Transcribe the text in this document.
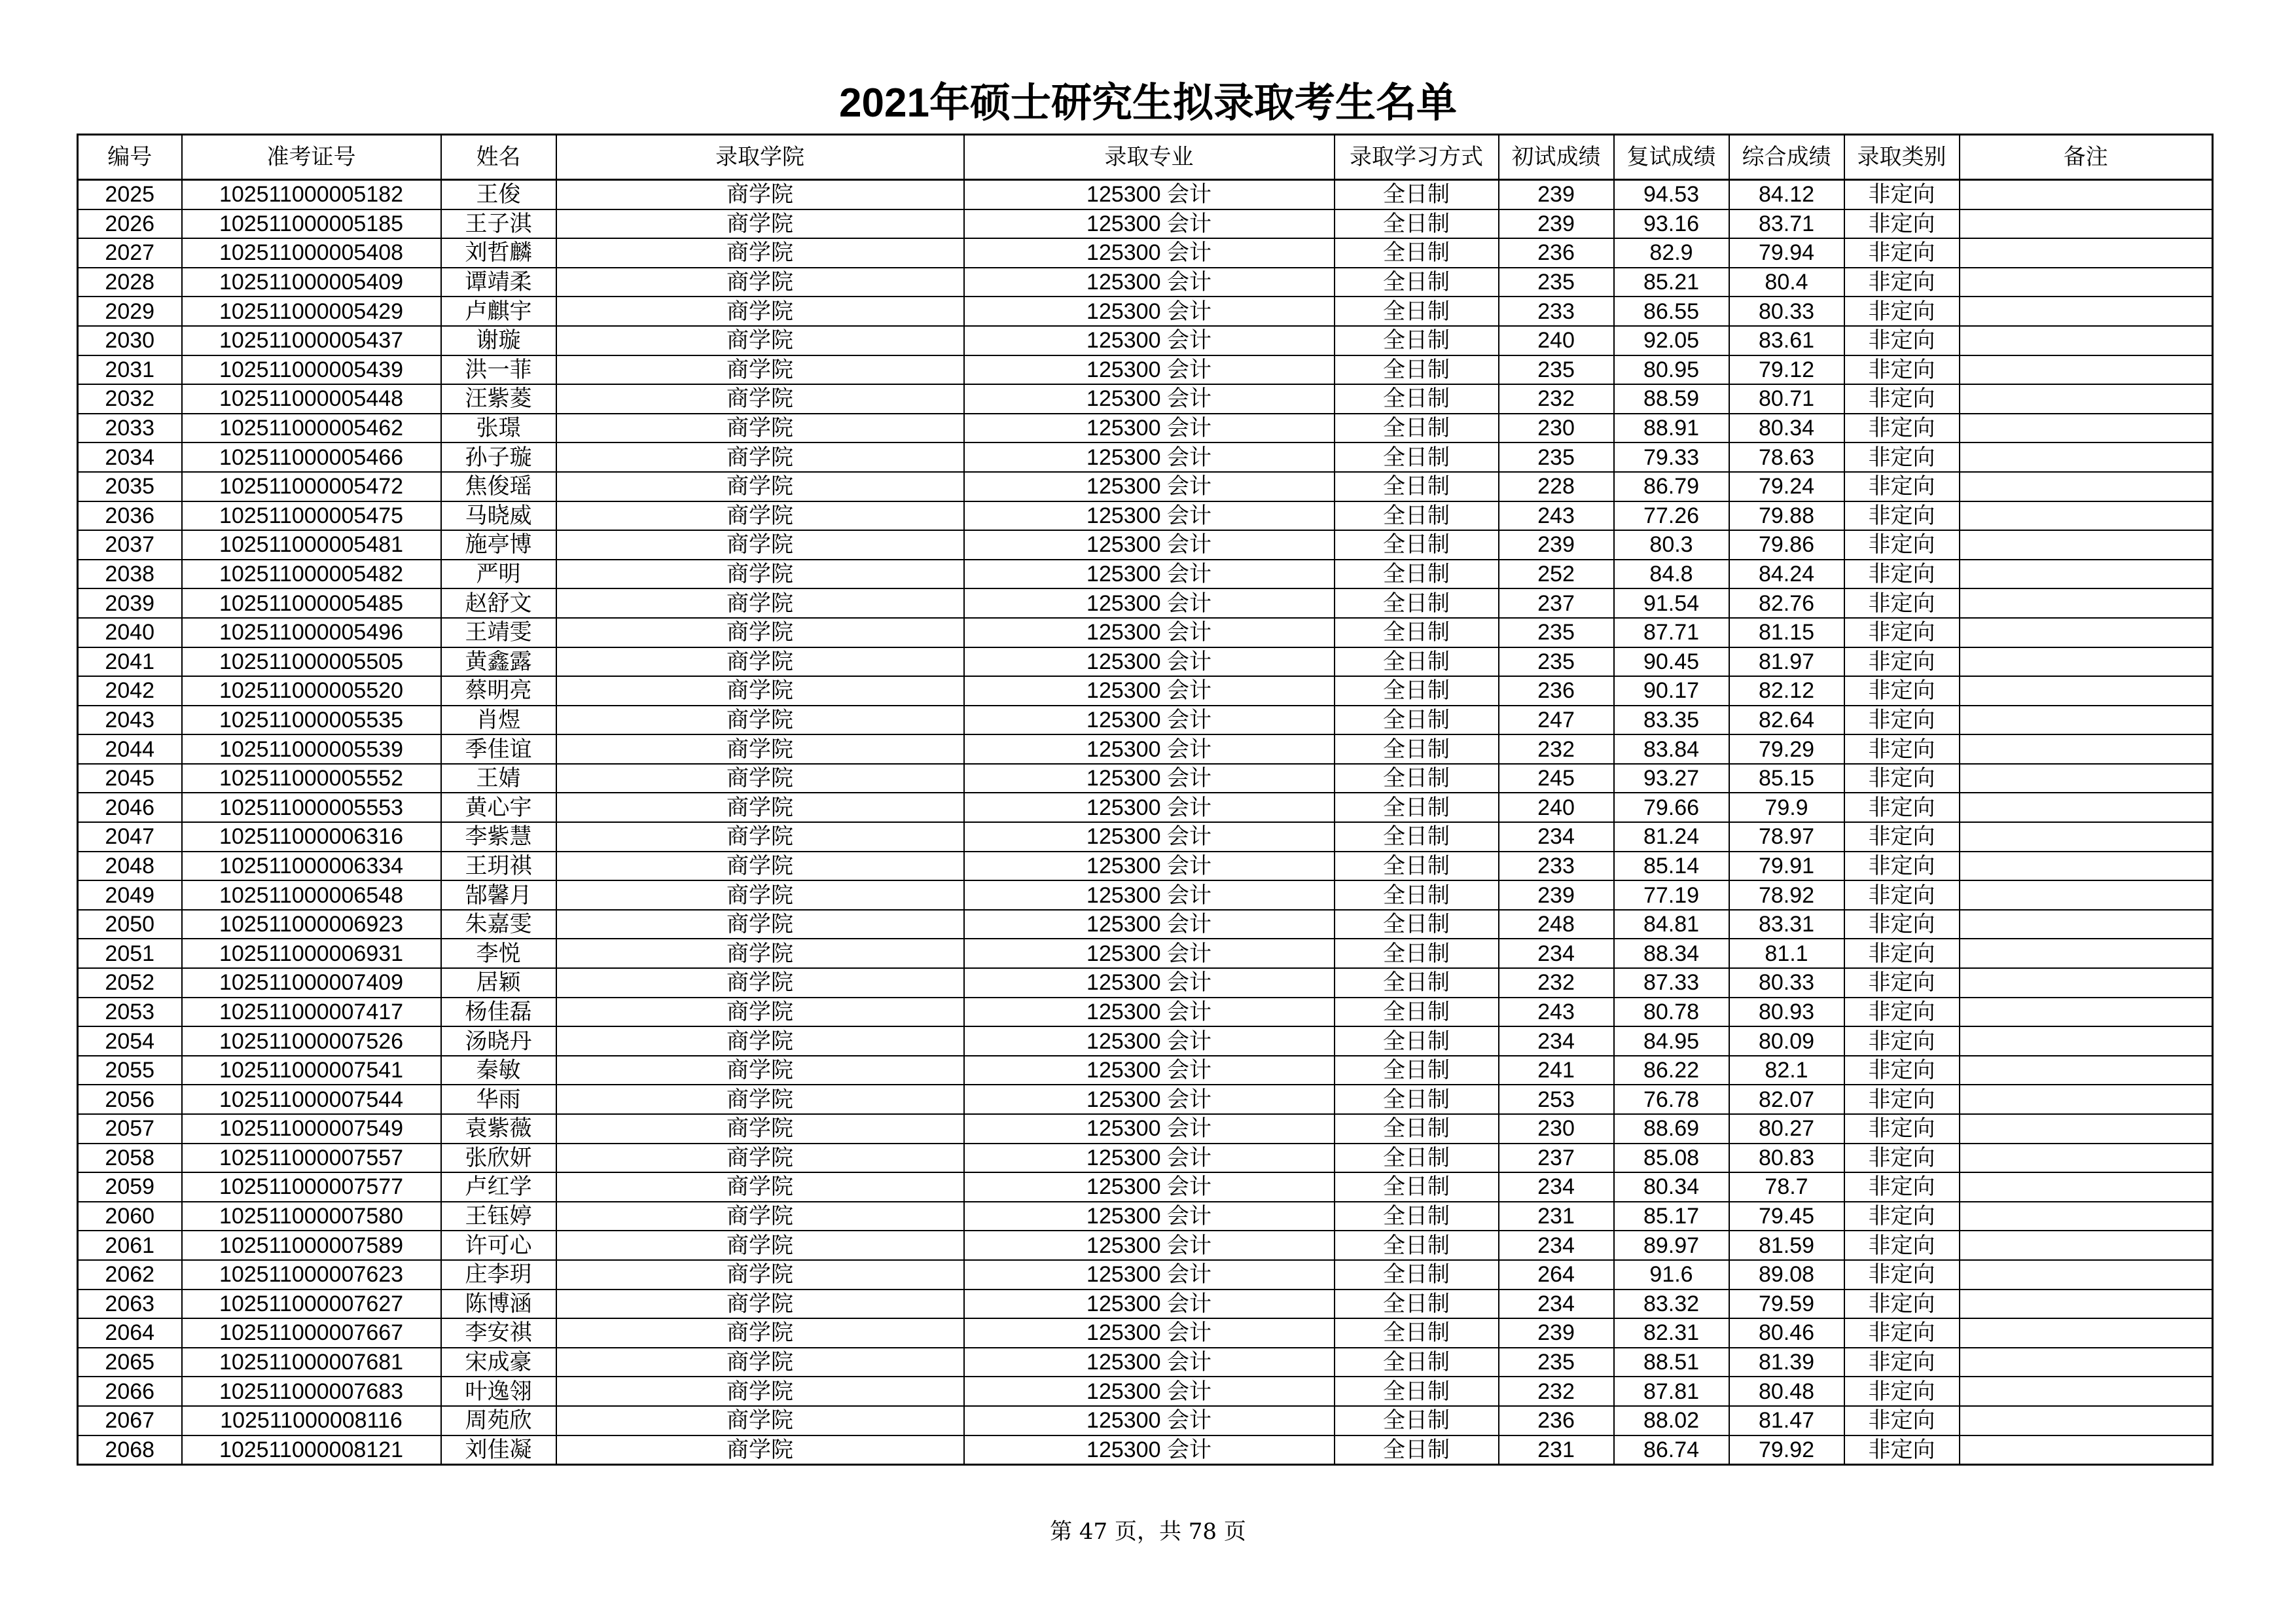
2021年硕士研究生拟录取考生名单
编号	准考证号	姓名	录取学院	录取专业	录取学习方式	初试成绩	复试成绩	综合成绩	录取类别	备注
2025	102511000005182	王俊	商学院	125300 会计	全日制	239	94.53	84.12	非定向	
2026	102511000005185	王子淇	商学院	125300 会计	全日制	239	93.16	83.71	非定向	
2027	102511000005408	刘哲麟	商学院	125300 会计	全日制	236	82.9	79.94	非定向	
2028	102511000005409	谭靖柔	商学院	125300 会计	全日制	235	85.21	80.4	非定向	
2029	102511000005429	卢麒宇	商学院	125300 会计	全日制	233	86.55	80.33	非定向	
2030	102511000005437	谢璇	商学院	125300 会计	全日制	240	92.05	83.61	非定向	
2031	102511000005439	洪一菲	商学院	125300 会计	全日制	235	80.95	79.12	非定向	
2032	102511000005448	汪紫菱	商学院	125300 会计	全日制	232	88.59	80.71	非定向	
2033	102511000005462	张璟	商学院	125300 会计	全日制	230	88.91	80.34	非定向	
2034	102511000005466	孙子璇	商学院	125300 会计	全日制	235	79.33	78.63	非定向	
2035	102511000005472	焦俊瑶	商学院	125300 会计	全日制	228	86.79	79.24	非定向	
2036	102511000005475	马晓威	商学院	125300 会计	全日制	243	77.26	79.88	非定向	
2037	102511000005481	施亭博	商学院	125300 会计	全日制	239	80.3	79.86	非定向	
2038	102511000005482	严明	商学院	125300 会计	全日制	252	84.8	84.24	非定向	
2039	102511000005485	赵舒文	商学院	125300 会计	全日制	237	91.54	82.76	非定向	
2040	102511000005496	王靖雯	商学院	125300 会计	全日制	235	87.71	81.15	非定向	
2041	102511000005505	黄鑫露	商学院	125300 会计	全日制	235	90.45	81.97	非定向	
2042	102511000005520	蔡明亮	商学院	125300 会计	全日制	236	90.17	82.12	非定向	
2043	102511000005535	肖煜	商学院	125300 会计	全日制	247	83.35	82.64	非定向	
2044	102511000005539	季佳谊	商学院	125300 会计	全日制	232	83.84	79.29	非定向	
2045	102511000005552	王婧	商学院	125300 会计	全日制	245	93.27	85.15	非定向	
2046	102511000005553	黄心宇	商学院	125300 会计	全日制	240	79.66	79.9	非定向	
2047	102511000006316	李紫慧	商学院	125300 会计	全日制	234	81.24	78.97	非定向	
2048	102511000006334	王玥祺	商学院	125300 会计	全日制	233	85.14	79.91	非定向	
2049	102511000006548	郜馨月	商学院	125300 会计	全日制	239	77.19	78.92	非定向	
2050	102511000006923	朱嘉雯	商学院	125300 会计	全日制	248	84.81	83.31	非定向	
2051	102511000006931	李悦	商学院	125300 会计	全日制	234	88.34	81.1	非定向	
2052	102511000007409	居颖	商学院	125300 会计	全日制	232	87.33	80.33	非定向	
2053	102511000007417	杨佳磊	商学院	125300 会计	全日制	243	80.78	80.93	非定向	
2054	102511000007526	汤晓丹	商学院	125300 会计	全日制	234	84.95	80.09	非定向	
2055	102511000007541	秦敏	商学院	125300 会计	全日制	241	86.22	82.1	非定向	
2056	102511000007544	华雨	商学院	125300 会计	全日制	253	76.78	82.07	非定向	
2057	102511000007549	袁紫薇	商学院	125300 会计	全日制	230	88.69	80.27	非定向	
2058	102511000007557	张欣妍	商学院	125300 会计	全日制	237	85.08	80.83	非定向	
2059	102511000007577	卢红学	商学院	125300 会计	全日制	234	80.34	78.7	非定向	
2060	102511000007580	王钰婷	商学院	125300 会计	全日制	231	85.17	79.45	非定向	
2061	102511000007589	许可心	商学院	125300 会计	全日制	234	89.97	81.59	非定向	
2062	102511000007623	庄李玥	商学院	125300 会计	全日制	264	91.6	89.08	非定向	
2063	102511000007627	陈博涵	商学院	125300 会计	全日制	234	83.32	79.59	非定向	
2064	102511000007667	李安祺	商学院	125300 会计	全日制	239	82.31	80.46	非定向	
2065	102511000007681	宋成豪	商学院	125300 会计	全日制	235	88.51	81.39	非定向	
2066	102511000007683	叶逸翎	商学院	125300 会计	全日制	232	87.81	80.48	非定向	
2067	102511000008116	周苑欣	商学院	125300 会计	全日制	236	88.02	81.47	非定向	
2068	102511000008121	刘佳凝	商学院	125300 会计	全日制	231	86.74	79.92	非定向	
第 47 页，共 78 页
